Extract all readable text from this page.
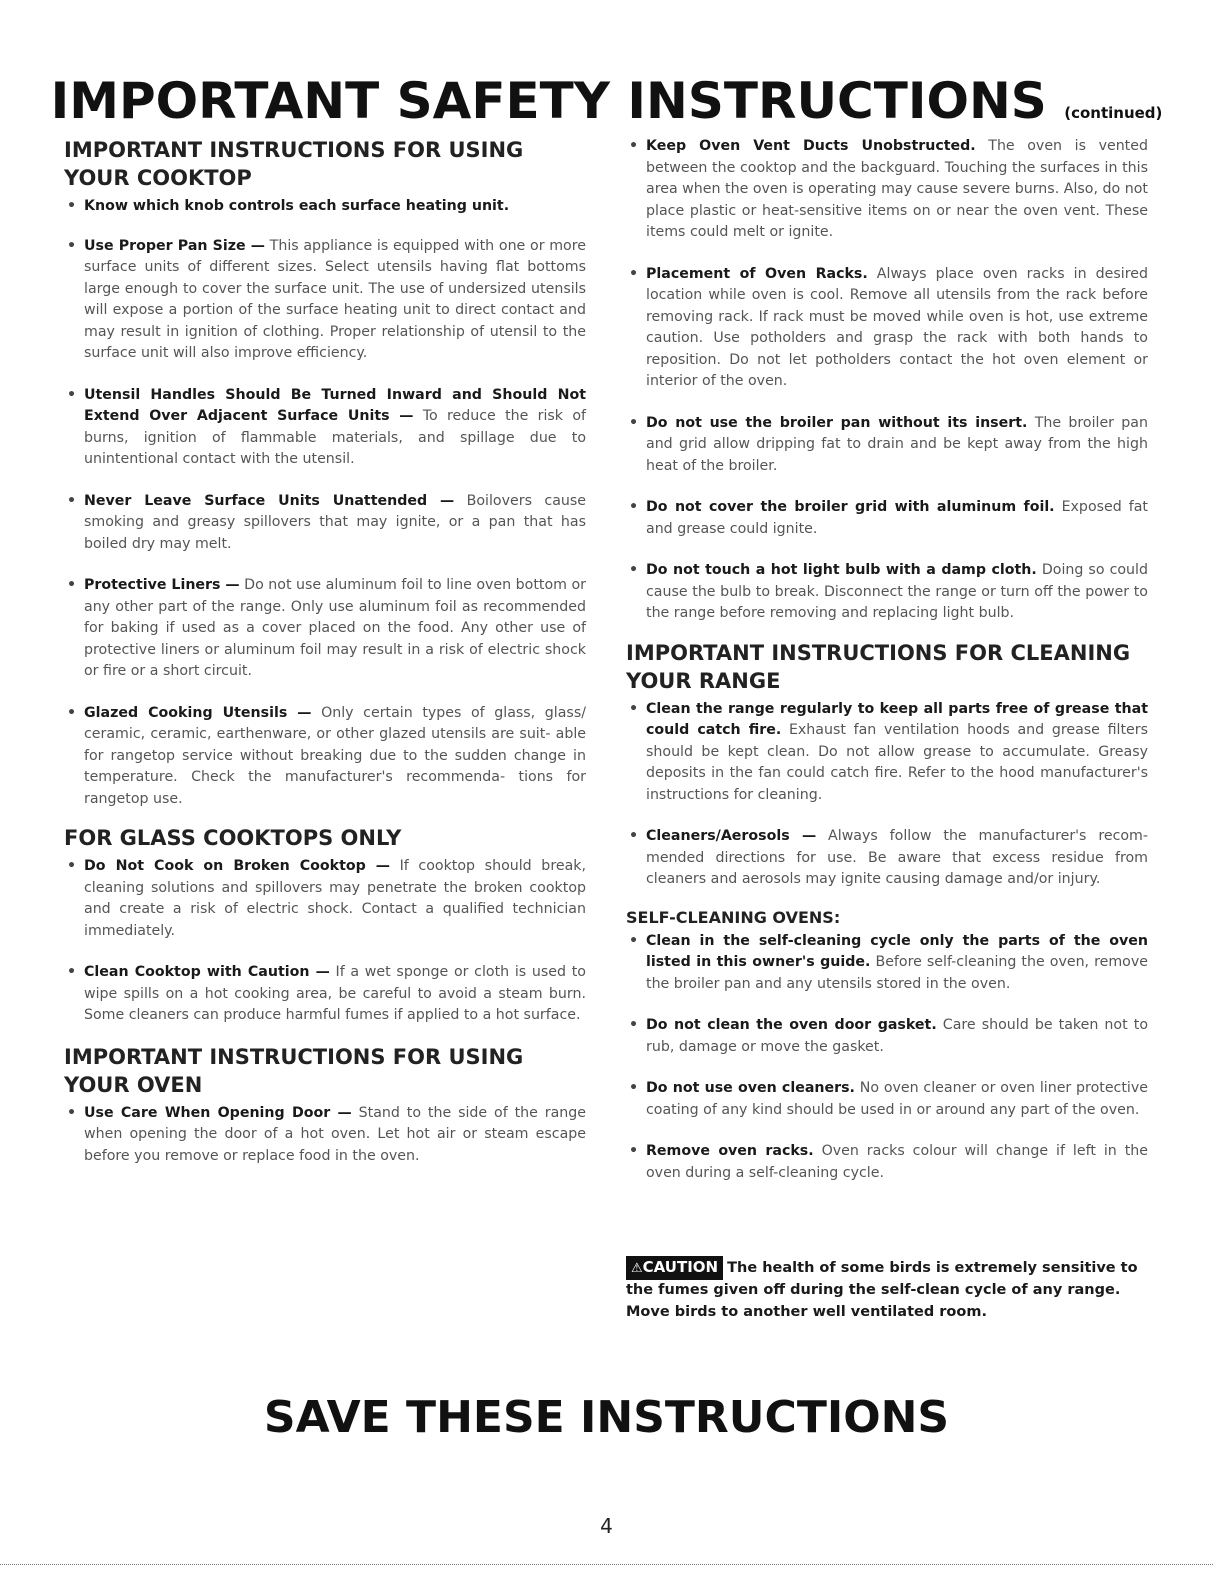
IMPORTANT SAFETY INSTRUCTIONS (continued)
IMPORTANT INSTRUCTIONS FOR USING YOUR COOKTOP
• Know which knob controls each surface heating unit.
• Use Proper Pan Size — This appliance is equipped with one or more surface units of different sizes. Select utensils having flat bottoms large enough to cover the surface unit. The use of undersized utensils will expose a portion of the surface heating unit to direct contact and may result in ignition of clothing. Proper relationship of utensil to the surface unit will also improve efficiency.
• Utensil Handles Should Be Turned Inward and Should Not Extend Over Adjacent Surface Units — To reduce the risk of burns, ignition of flammable materials, and spillage due to unintentional contact with the utensil.
• Never Leave Surface Units Unattended — Boilovers cause smoking and greasy spillovers that may ignite, or a pan that has boiled dry may melt.
• Protective Liners — Do not use aluminum foil to line oven bottom or any other part of the range. Only use aluminum foil as recommended for baking if used as a cover placed on the food. Any other use of protective liners or aluminum foil may result in a risk of electric shock or fire or a short circuit.
• Glazed Cooking Utensils — Only certain types of glass, glass/ ceramic, ceramic, earthenware, or other glazed utensils are suit- able for rangetop service without breaking due to the sudden change in temperature. Check the manufacturer's recommenda- tions for rangetop use.
FOR GLASS COOKTOPS ONLY
• Do Not Cook on Broken Cooktop — If cooktop should break, cleaning solutions and spillovers may penetrate the broken cooktop and create a risk of electric shock. Contact a qualified technician immediately.
• Clean Cooktop with Caution — If a wet sponge or cloth is used to wipe spills on a hot cooking area, be careful to avoid a steam burn. Some cleaners can produce harmful fumes if applied to a hot surface.
IMPORTANT INSTRUCTIONS FOR USING YOUR OVEN
• Use Care When Opening Door — Stand to the side of the range when opening the door of a hot oven. Let hot air or steam escape before you remove or replace food in the oven.
• Keep Oven Vent Ducts Unobstructed. The oven is vented between the cooktop and the backguard. Touching the surfaces in this area when the oven is operating may cause severe burns. Also, do not place plastic or heat-sensitive items on or near the oven vent. These items could melt or ignite.
• Placement of Oven Racks. Always place oven racks in desired location while oven is cool. Remove all utensils from the rack before removing rack. If rack must be moved while oven is hot, use extreme caution. Use potholders and grasp the rack with both hands to reposition. Do not let potholders contact the hot oven element or interior of the oven.
• Do not use the broiler pan without its insert. The broiler pan and grid allow dripping fat to drain and be kept away from the high heat of the broiler.
• Do not cover the broiler grid with aluminum foil. Exposed fat and grease could ignite.
• Do not touch a hot light bulb with a damp cloth. Doing so could cause the bulb to break. Disconnect the range or turn off the power to the range before removing and replacing light bulb.
IMPORTANT INSTRUCTIONS FOR CLEANING YOUR RANGE
• Clean the range regularly to keep all parts free of grease that could catch fire. Exhaust fan ventilation hoods and grease filters should be kept clean. Do not allow grease to accumulate. Greasy deposits in the fan could catch fire. Refer to the hood manufacturer's instructions for cleaning.
• Cleaners/Aerosols — Always follow the manufacturer's recom- mended directions for use. Be aware that excess residue from cleaners and aerosols may ignite causing damage and/or injury.
SELF-CLEANING OVENS:
• Clean in the self-cleaning cycle only the parts of the oven listed in this owner's guide. Before self-cleaning the oven, remove the broiler pan and any utensils stored in the oven.
• Do not clean the oven door gasket. Care should be taken not to rub, damage or move the gasket.
• Do not use oven cleaners. No oven cleaner or oven liner protective coating of any kind should be used in or around any part of the oven.
• Remove oven racks. Oven racks colour will change if left in the oven during a self-cleaning cycle.
⚠CAUTION The health of some birds is extremely sensitive to the fumes given off during the self-clean cycle of any range. Move birds to another well ventilated room.
SAVE THESE INSTRUCTIONS
4
